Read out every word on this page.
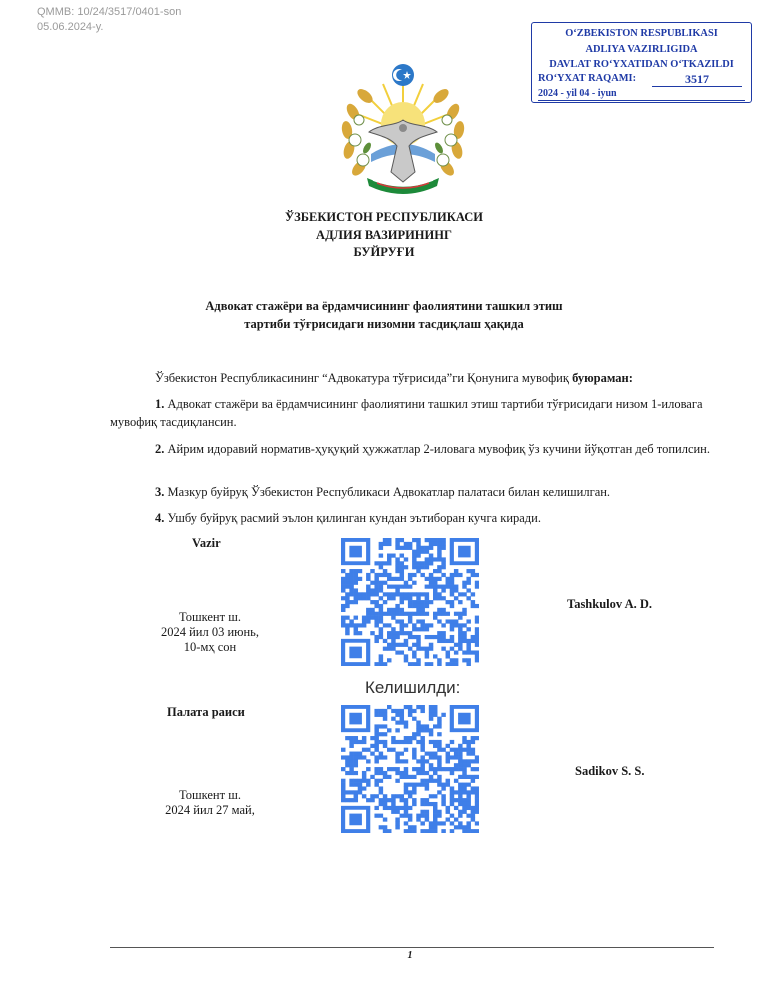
QMMB: 10/24/3517/0401-son
05.06.2024-y.
O‘ZBEKISTON RESPUBLIKASI
ADLIYA VAZIRLIGIDA
DAVLAT RO‘YXATIDAN O‘TKAZILDI
RO‘YXAT RAQAMI:	3517
2024 - yil 04 - iyun
ЎЗБЕКИСТОН РЕСПУБЛИКАСИ
АДЛИЯ ВАЗИРИНИНГ
БУЙРУҒИ
Адвокат стажёри ва ёрдамчисининг фаолиятини ташкил этиш
тартиби тўғрисидаги низомни тасдиқлаш ҳақида
Ўзбекистон Республикасининг “Адвокатура тўғрисида”ги Қонунига мувофиқ буюраман:
1. Адвокат стажёри ва ёрдамчисининг фаолиятини ташкил этиш тартиби тўғрисидаги низом 1-иловага мувофиқ тасдиқлансин.
2. Айрим идоравий норматив-ҳуқуқий ҳужжатлар 2-иловага мувофиқ ўз кучини йўқотган деб топилсин.
3. Мазкур буйруқ Ўзбекистон Республикаси Адвокатлар палатаси билан келишилган.
4. Ушбу буйруқ расмий эълон қилинган кундан эътиборан кучга киради.
Vazir
Тошкент ш.
2024 йил 03 июнь,
10-мҳ сон
Tashkulov A. D.
Келишилди:
Палата раиси
Тошкент ш.
2024 йил 27 май,
Sadikov S. S.
1
